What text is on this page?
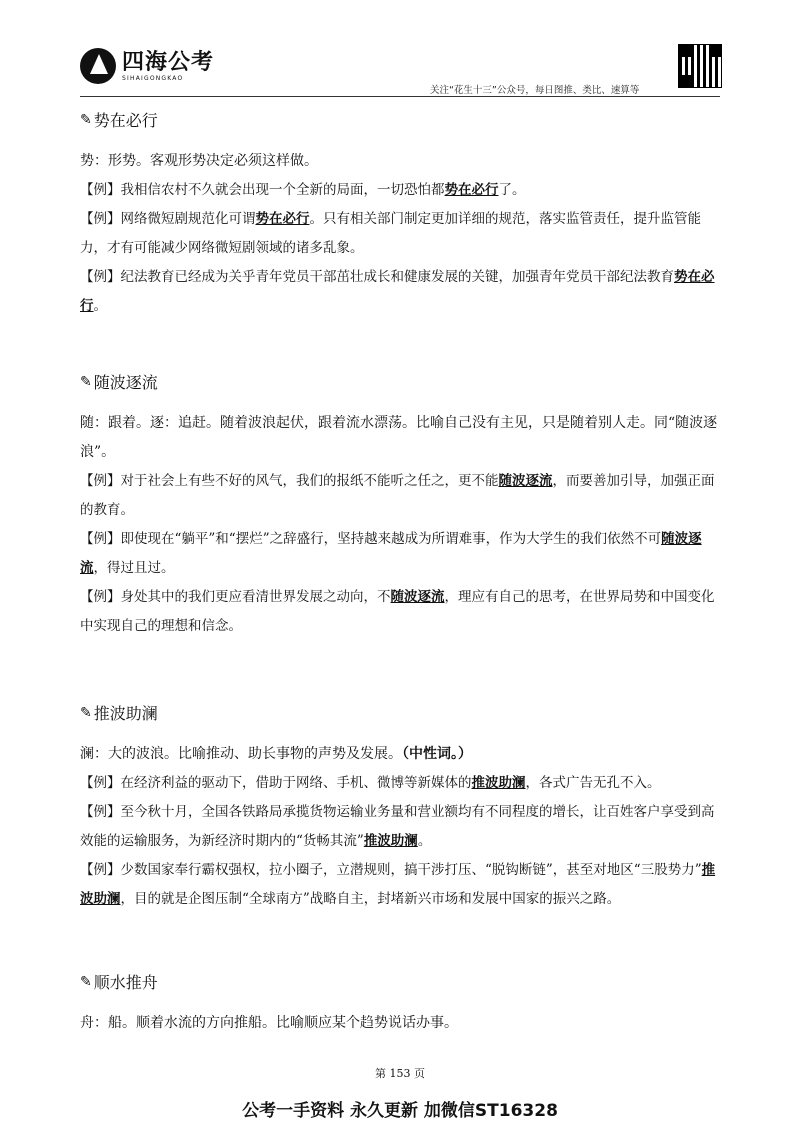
四海公考
SIHAIGONGKAO
关注“花生十三”公众号，每日图推、类比、速算等
✎ 势在必行

势：形势。客观形势决定必须这样做。

【例】我相信农村不久就会出现一个全新的局面，一切恐怕都势在必行了。

【例】网络微短剧规范化可谓势在必行。只有相关部门制定更加详细的规范，落实监管责任，提升监管能力，才有可能减少网络微短剧领域的诸多乱象。

【例】纪法教育已经成为关乎青年党员干部茁壮成长和健康发展的关键，加强青年党员干部纪法教育势在必行。

✎ 随波逐流

随：跟着。逐：追赶。随着波浪起伏，跟着流水漂荡。比喻自己没有主见，只是随着别人走。同“随波逐浪”。

【例】对于社会上有些不好的风气，我们的报纸不能听之任之，更不能随波逐流，而要善加引导，加强正面的教育。

【例】即使现在“躺平”和“摆烂”之辞盛行，坚持越来越成为所谓难事，作为大学生的我们依然不可随波逐流，得过且过。

【例】身处其中的我们更应看清世界发展之动向，不随波逐流，理应有自己的思考，在世界局势和中国变化中实现自己的理想和信念。

✎ 推波助澜

澜：大的波浪。比喻推动、助长事物的声势及发展。（中性词。）

【例】在经济利益的驱动下，借助于网络、手机、微博等新媒体的推波助澜，各式广告无孔不入。

【例】至今秋十月，全国各铁路局承揽货物运输业务量和营业额均有不同程度的增长，让百姓客户享受到高效能的运输服务，为新经济时期内的“货畅其流”推波助澜。

【例】少数国家奉行霸权强权，拉小圈子，立潜规则，搞干涉打压、“脱钩断链”，甚至对地区“三股势力”推波助澜，目的就是企图压制“全球南方”战略自主，封堵新兴市场和发展中国家的振兴之路。

✎ 顺水推舟

舟：船。顺着水流的方向推船。比喻顺应某个趋势说话办事。

第 153 页
公考一手资料 永久更新 加微信ST16328
